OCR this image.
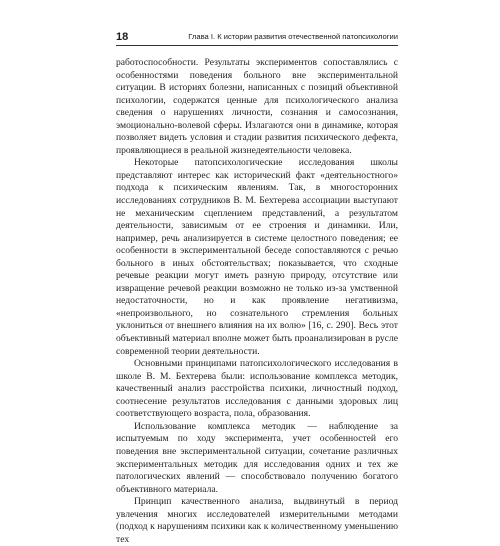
18	Глава I. К истории развития отечественной патопсихологии

работоспособности. Результаты экспериментов сопоставлялись с особенностями поведения больного вне экспериментальной ситуации. В историях болезни, написанных с позиций объективной психологии, содержатся ценные для психологического анализа сведения о нарушениях личности, сознания и самосознания, эмоционально-волевой сферы. Излагаются они в динамике, которая позволяет видеть условия и стадии развития психического дефекта, проявляющиеся в реальной жизнедеятельности человека.

Некоторые патопсихологические исследования школы представляют интерес как исторический факт «деятельностного» подхода к психическим явлениям. Так, в многосторонних исследованиях сотрудников В. М. Бехтерева ассоциации выступают не механическим сцеплением представлений, а результатом деятельности, зависимым от ее строения и динамики. Или, например, речь анализируется в системе целостного поведения; ее особенности в экспериментальной беседе сопоставляются с речью больного в иных обстоятельствах; показывается, что сходные речевые реакции могут иметь разную природу, отсутствие или извращение речевой реакции возможно не только из-за умственной недостаточности, но и как проявление негативизма, «непроизвольного, но сознательного стремления больных уклониться от внешнего влияния на их волю» [16, с. 290]. Весь этот объективный материал вполне может быть проанализирован в русле современной теории деятельности.

Основными принципами патопсихологического исследования в школе В. М. Бехтерева были: использование комплекса методик, качественный анализ расстройства психики, личностный подход, соотнесение результатов исследования с данными здоровых лиц соответствующего возраста, пола, образования.

Использование комплекса методик — наблюдение за испытуемым по ходу эксперимента, учет особенностей его поведения вне экспериментальной ситуации, сочетание различных экспериментальных методик для исследования одних и тех же патологических явлений — способствовало получению богатого объективного материала.

Принцип качественного анализа, выдвинутый в период увлечения многих исследователей измерительными методами (подход к нарушениям психики как к количественному уменьшению тех
